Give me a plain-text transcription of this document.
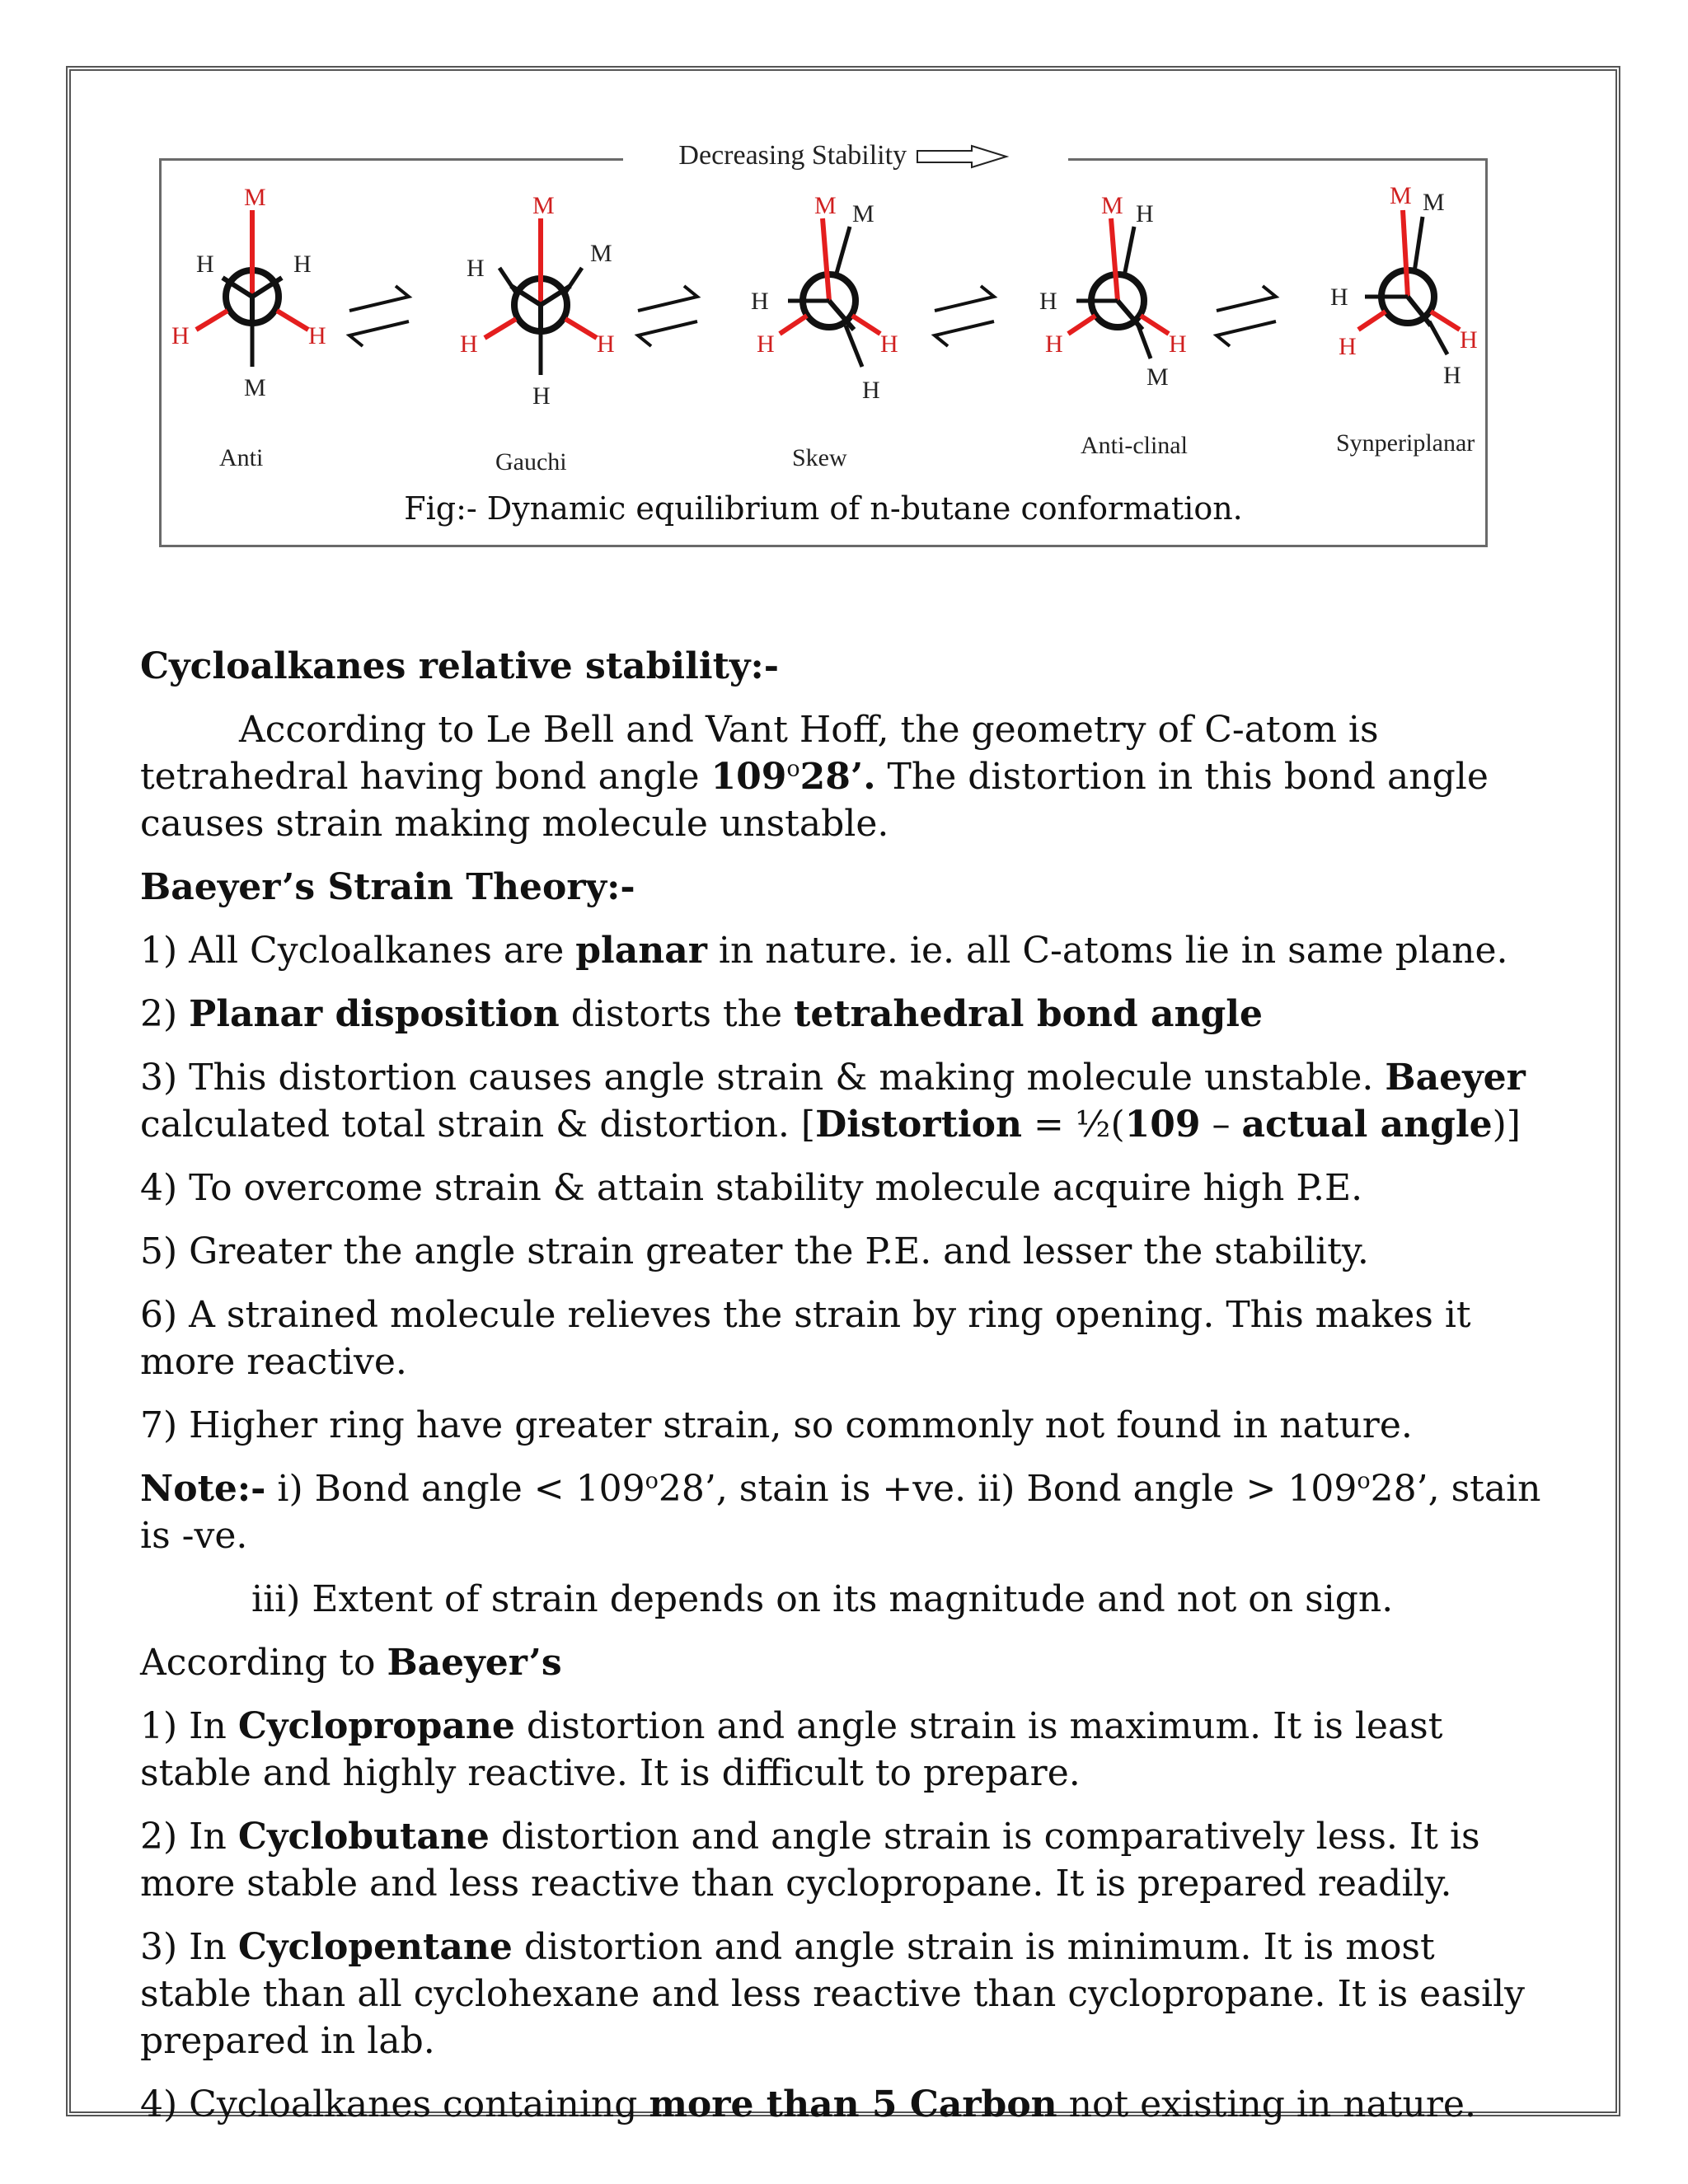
Decreasing Stability
M
H	H
H	H
M
Anti
M
H
M
H	H
H
Gauchi
M M
H
H	H
H
Skew
M H
H
H	H
M
Anti-clinal
M M
H
H	H
H
Synperiplanar
Fig:- Dynamic equilibrium of n-butane conformation.

Cycloalkanes relative stability:-

According to Le Bell and Vant Hoff, the geometry of C-atom is tetrahedral having bond angle 109$^o$28’. The distortion in this bond angle causes strain making molecule unstable.

Baeyer’s Strain Theory:-

1) All Cycloalkanes are planar in nature. ie. all C-atoms lie in same plane.

2) Planar disposition distorts the tetrahedral bond angle

3) This distortion causes angle strain & making molecule unstable. Baeyer calculated total strain & distortion. [Distortion = ½(109 – actual angle)]

4) To overcome strain & attain stability molecule acquire high P.E.

5) Greater the angle strain greater the P.E. and lesser the stability.

6) A strained molecule relieves the strain by ring opening. This makes it more reactive.

7) Higher ring have greater strain, so commonly not found in nature.

Note:- i) Bond angle < $109^o28$’, stain is +ve. ii) Bond angle > $109^o28$’, stain is -ve.

iii) Extent of strain depends on its magnitude and not on sign.

According to Baeyer’s

1) In Cyclopropane distortion and angle strain is maximum. It is least stable and highly reactive. It is difficult to prepare.

2) In Cyclobutane distortion and angle strain is comparatively less. It is more stable and less reactive than cyclopropane. It is prepared readily.

3) In Cyclopentane distortion and angle strain is minimum. It is most stable than all cyclohexane and less reactive than cyclopropane. It is easily prepared in lab.

4) Cycloalkanes containing more than 5 Carbon not existing in nature.
